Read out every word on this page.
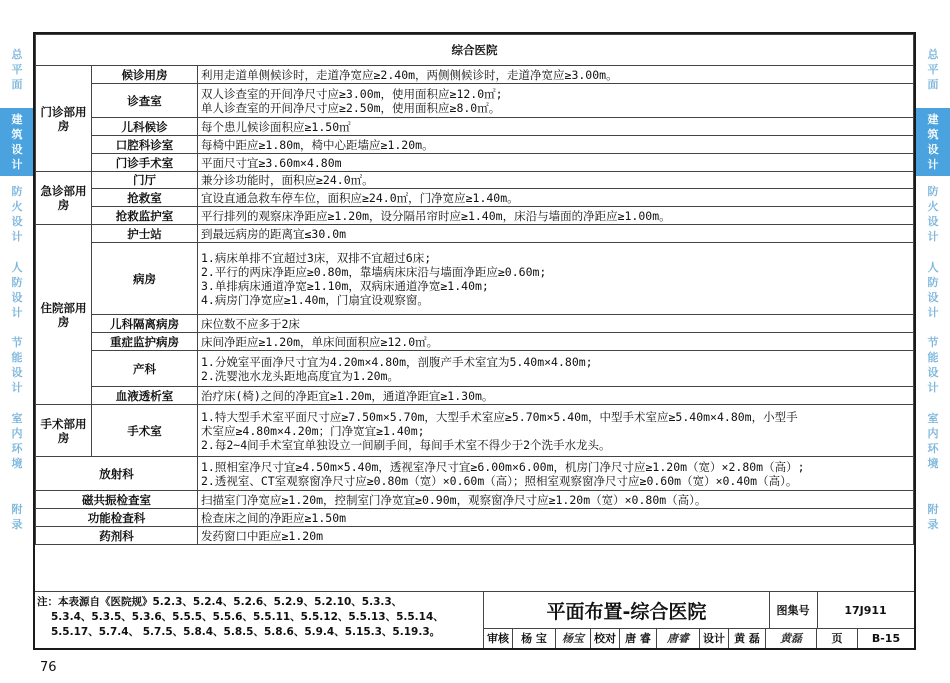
总
平
面
建
筑
设
计
防
火
设
计
人
防
设
计
节
能
设
计
室
内
环
境
附
录
总
平
面
建
筑
设
计
防
火
设
计
人
防
设
计
节
能
设
计
室
内
环
境
附
录
综合医院		
门诊部用房	候诊用房	利用走道单侧候诊时，走道净宽应≥2.40m，两侧侧候诊时，走道净宽应≥3.00m。

	诊查室	双人诊查室的开间净尺寸应≥3.00m，使用面积应≥12.0㎡;
单人诊查室的开间净尺寸应≥2.50m，使用面积应≥8.0㎡。

	儿科候诊	每个患儿候诊面积应≥1.50㎡

	口腔科诊室	每椅中距应≥1.80m，椅中心距墙应≥1.20m。

	门诊手术室	平面尺寸宜≥3.60m×4.80m

急诊部用房	门厅	兼分诊功能时，面积应≥24.0㎡。

	抢救室	宜设直通急救车停车位，面积应≥24.0㎡，门净宽应≥1.40m。

	抢救监护室	平行排列的观察床净距应≥1.20m，设分隔吊帘时应≥1.40m，床沿与墙面的净距应≥1.00m。

住院部用房	护士站	到最远病房的距离宜≤30.0m

	病房	1.病床单排不宜超过3床，双排不宜超过6床;
2.平行的两床净距应≥0.80m，靠墙病床床沿与墙面净距应≥0.60m;
3.单排病床通道净宽≥1.10m，双病床通道净宽≥1.40m;
4.病房门净宽应≥1.40m，门扇宜设观察窗。

	儿科隔离病房	床位数不应多于2床

	重症监护病房	床间净距应≥1.20m，单床间面积应≥12.0㎡。

	产科	1.分娩室平面净尺寸宜为4.20m×4.80m，剖腹产手术室宜为5.40m×4.80m;
2.洗婴池水龙头距地高度宜为1.20m。

	血液透析室	治疗床(椅)之间的净距宜≥1.20m，通道净距宜≥1.30m。

手术部用房	手术室	1.特大型手术室平面尺寸应≥7.50m×5.70m，大型手术室应≥5.70m×5.40m，中型手术室应≥5.40m×4.80m，小型手
术室应≥4.80m×4.20m；门净宽宜≥1.40m;
2.每2~4间手术室宜单独设立一间刷手间，每间手术室不得少于2个洗手水龙头。

放射科		1.照相室净尺寸宜≥4.50m×5.40m，透视室净尺寸宜≥6.00m×6.00m，机房门净尺寸应≥1.20m（宽）×2.80m（高）;
2.透视室、CT室观察窗净尺寸应≥0.80m（宽）×0.60m（高）；照相室观察窗净尺寸应≥0.60m（宽）×0.40m（高）。

磁共振检查室		扫描室门净宽应≥1.20m，控制室门净宽宜≥0.90m，观察窗净尺寸应≥1.20m（宽）×0.80m（高）。

功能检查科		检查床之间的净距应≥1.50m

药剂科		发药窗口中距应≥1.20m
注：本表源自《医院规》5.2.3、5.2.4、5.2.6、5.2.9、5.2.10、5.3.3、
5.3.4、5.3.5、5.3.6、5.5.5、5.5.6、5.5.11、5.5.12、5.5.13、5.5.14、
5.5.17、5.7.4、 5.7.5、5.8.4、5.8.5、5.8.6、5.9.4、5.15.3、5.19.3。
平面布置-综合医院	图集号	17J911
审核	杨 宝	杨宝 校对 唐 睿	唐睿	设计 黄 磊	黄磊	页	B-15
76
